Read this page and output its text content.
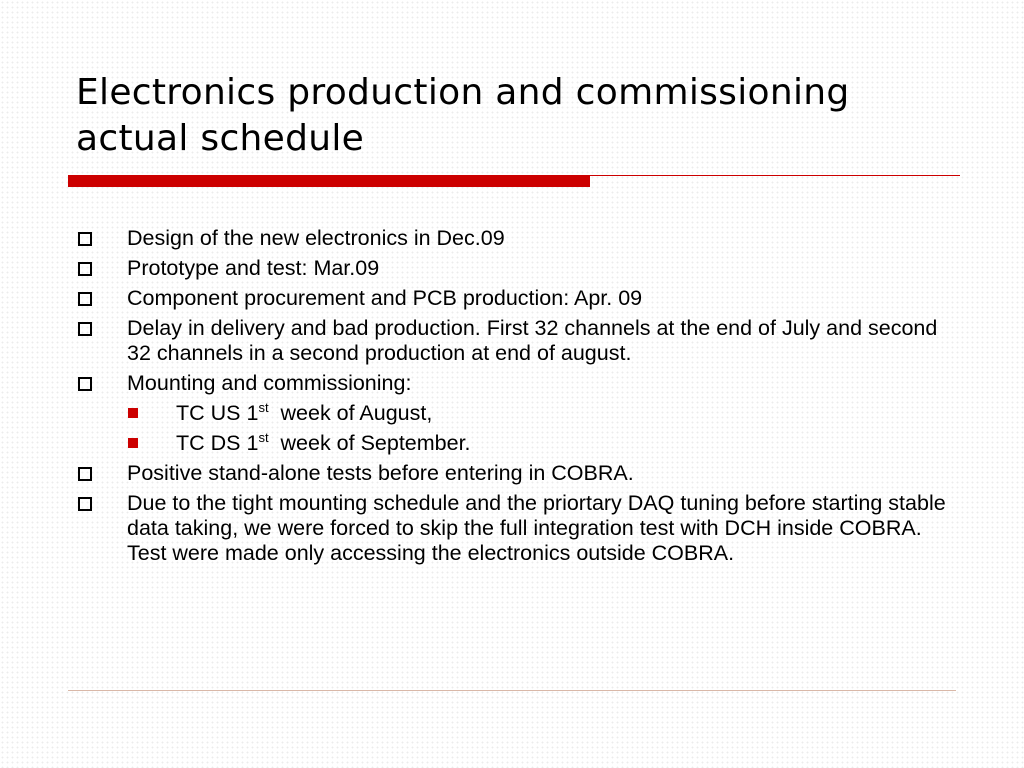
Electronics production and commissioning actual schedule
Design of the new electronics in Dec.09
Prototype and test: Mar.09
Component procurement and PCB production: Apr. 09
Delay in delivery and bad production. First 32 channels at the end of July and second 32 channels in a second production at end of august.
Mounting and commissioning:
TC US 1st  week of August,
TC DS 1st  week of September.
Positive stand-alone tests before entering in COBRA.
Due to the tight mounting schedule and the priortary DAQ tuning before starting stable data taking, we were forced to skip the full integration test with DCH inside COBRA. Test were made only accessing the electronics outside COBRA.
